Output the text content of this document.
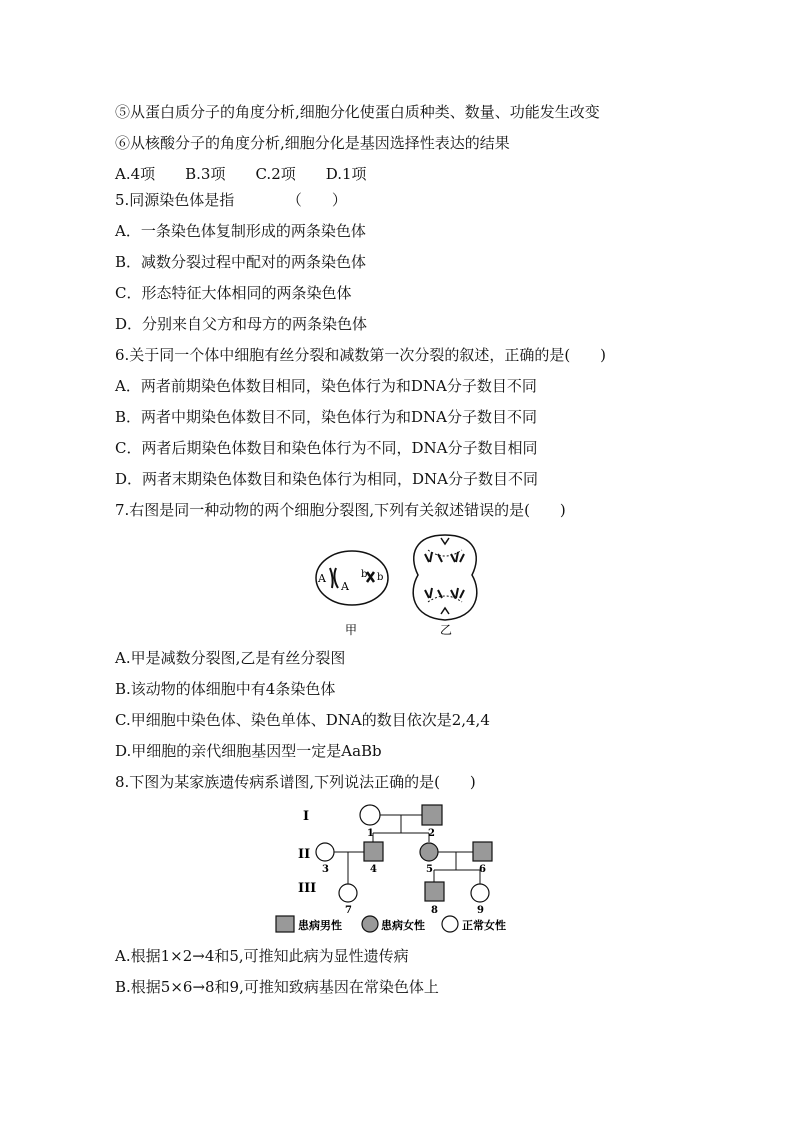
⑤从蛋白质分子的角度分析,细胞分化使蛋白质种类、数量、功能发生改变
⑥从核酸分子的角度分析,细胞分化是基因选择性表达的结果
A.4项　　B.3项　　C.2项　　D.1项
5.同源染色体是指　　　　（　　）
A．一条染色体复制形成的两条染色体
B．减数分裂过程中配对的两条染色体
C．形态特征大体相同的两条染色体
D．分别来自父方和母方的两条染色体
6.关于同一个体中细胞有丝分裂和减数第一次分裂的叙述，正确的是(　　)
A．两者前期染色体数目相同，染色体行为和DNA分子数目不同
B．两者中期染色体数目不同，染色体行为和DNA分子数目不同
C．两者后期染色体数目和染色体行为不同，DNA分子数目相同
D．两者末期染色体数目和染色体行为相同，DNA分子数目不同
7.右图是同一种动物的两个细胞分裂图,下列有关叙述错误的是(　　)
A
A
b b
甲	乙
A.甲是减数分裂图,乙是有丝分裂图
B.该动物的体细胞中有4条染色体
C.甲细胞中染色体、染色单体、DNA的数目依次是2,4,4
D.甲细胞的亲代细胞基因型一定是AaBb
8.下图为某家族遗传病系谱图,下列说法正确的是(　　)
I
II
III
1	2
3	4	5	6
7	8	9
患病男性	患病女性	正常女性
A.根据1×2→4和5,可推知此病为显性遗传病
B.根据5×6→8和9,可推知致病基因在常染色体上
